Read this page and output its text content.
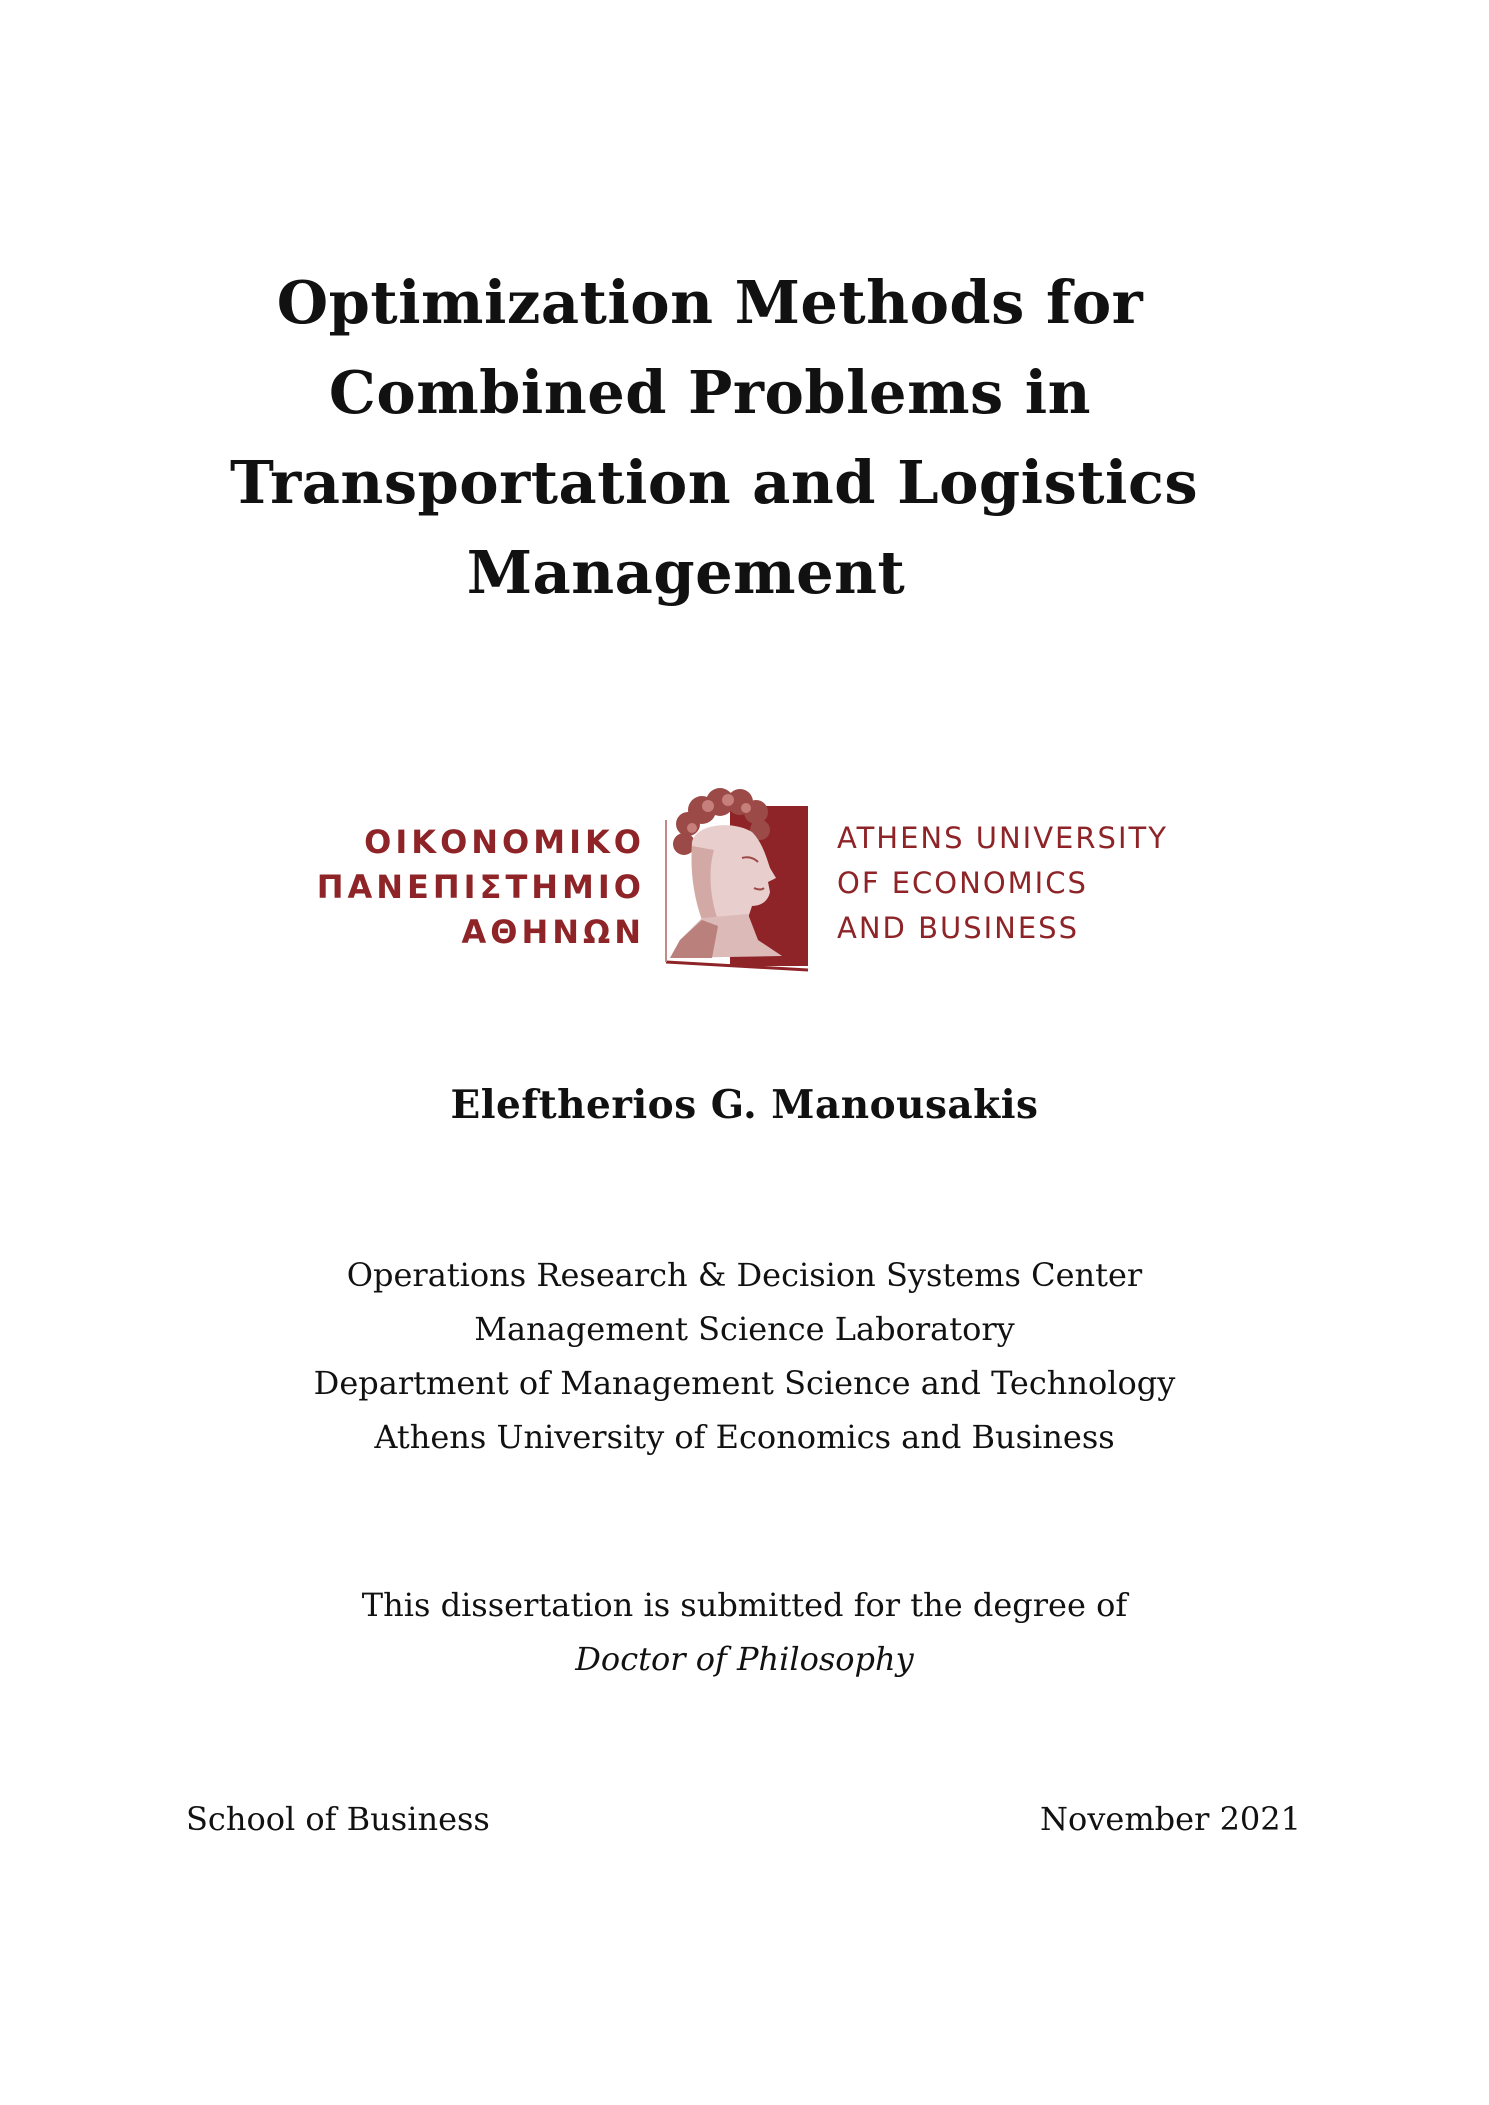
Optimization Methods for
Combined Problems in
Transportation and Logistics
Management
ΟΙΚΟΝΟΜΙΚΟ
ΠΑΝΕΠΙΣΤΗΜΙΟ
ΑΘΗΝΩΝ
ATHENS UNIVERSITY
OF ECONOMICS
AND BUSINESS
Eleftherios G. Manousakis
Operations Research & Decision Systems Center
Management Science Laboratory
Department of Management Science and Technology
Athens University of Economics and Business
This dissertation is submitted for the degree of
Doctor of Philosophy
School of Business	November 2021
